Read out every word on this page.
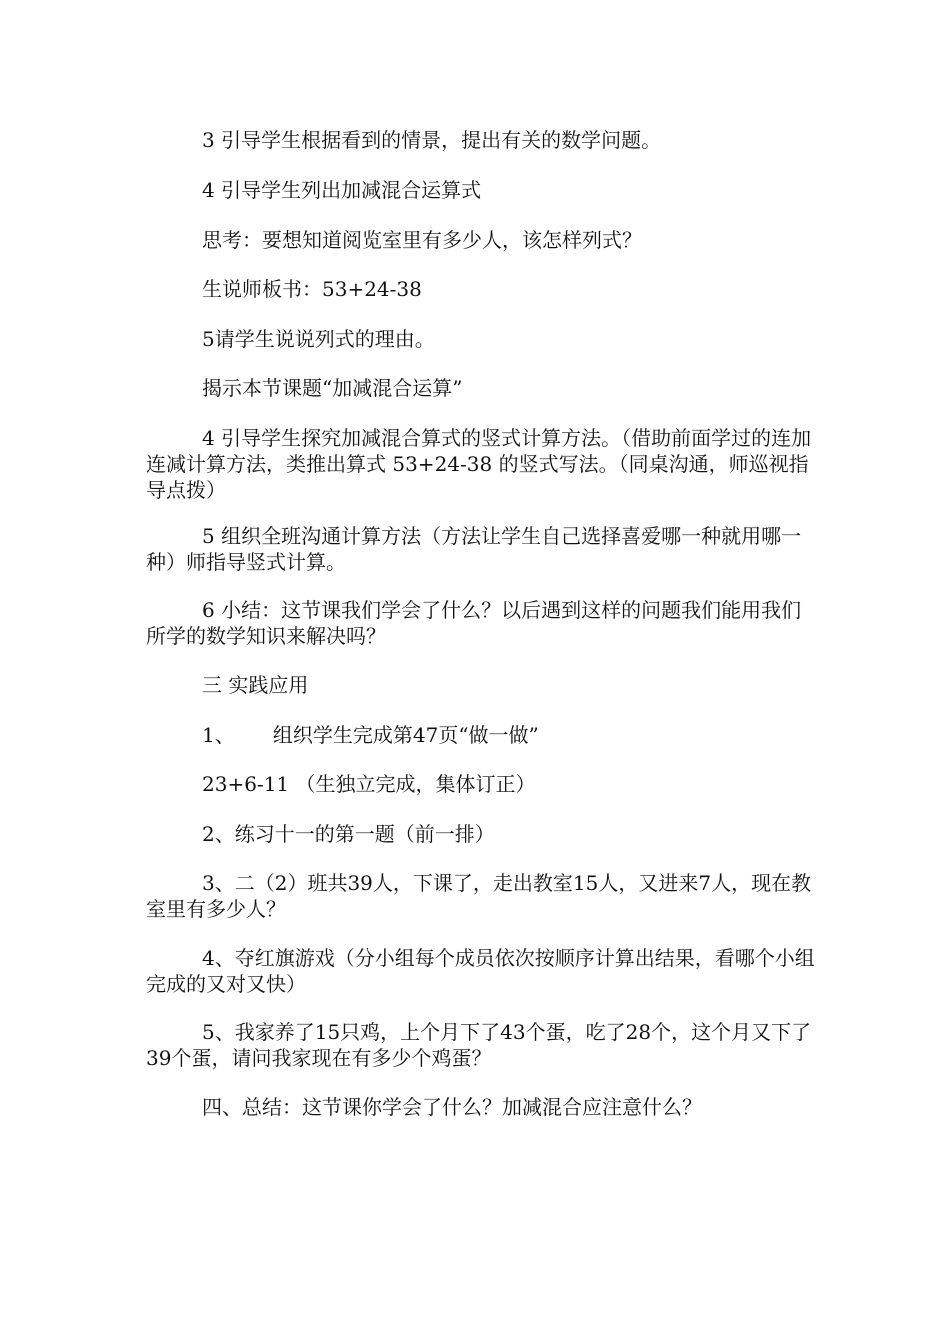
3 引导学生根据看到的情景，提出有关的数学问题。

4 引导学生列出加减混合运算式

思考：要想知道阅览室里有多少人，该怎样列式？

生说师板书：53+24-38

5请学生说说列式的理由。

揭示本节课题“加减混合运算”

4 引导学生探究加减混合算式的竖式计算方法。（借助前面学过的连加 连减计算方法，类推出算式 53+24-38 的竖式写法。（同桌沟通，师巡视指导点拨）

5 组织全班沟通计算方法（方法让学生自己选择喜爱哪一种就用哪一种）师指导竖式计算。

6 小结：这节课我们学会了什么？以后遇到这样的问题我们能用我们所学的数学知识来解决吗？

三 实践应用

1、      组织学生完成第47页“做一做”

23+6-11 （生独立完成，集体订正）

2、练习十一的第一题（前一排）

3、二（2）班共39人，下课了，走出教室15人，又进来7人，现在教室里有多少人？

4、夺红旗游戏（分小组每个成员依次按顺序计算出结果，看哪个小组完成的又对又快）

5、我家养了15只鸡，上个月下了43个蛋，吃了28个，这个月又下了39个蛋，请问我家现在有多少个鸡蛋？

四、总结：这节课你学会了什么？加减混合应注意什么？
